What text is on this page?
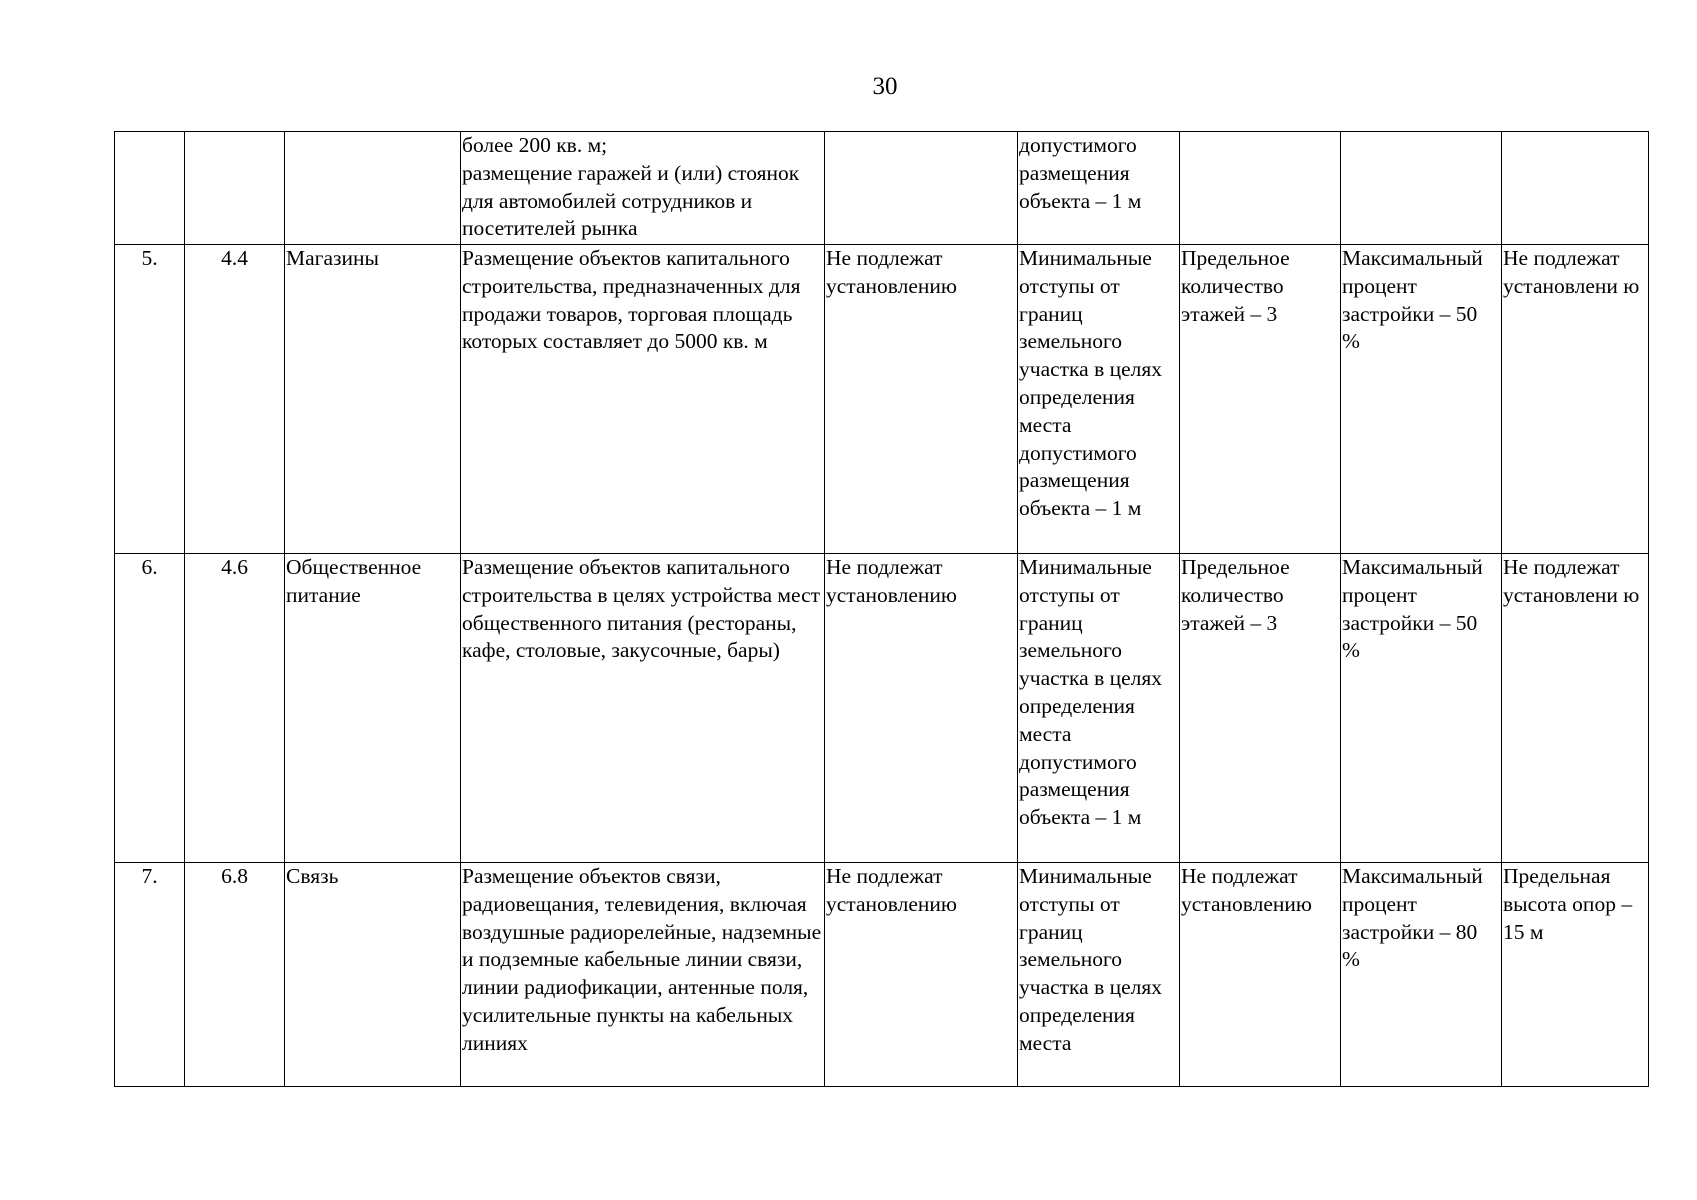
30
			более 200 кв. м;
размещение гаражей и (или) стоянок для автомобилей сотрудников и посетителей рынка		допустимого размещения объекта – 1 м			
5.	4.4	Магазины	Размещение объектов капитального строительства, предназначенных для продажи товаров, торговая площадь которых составляет до 5000 кв. м	Не подлежат установлению	Минимальные отступы от границ земельного участка в целях определения места допустимого размещения объекта – 1 м	Предельное количество этажей – 3	Максимальный процент застройки – 50 %	Не подлежат установлени ю
6.	4.6	Общественное питание	Размещение объектов капитального строительства в целях устройства мест общественного питания (рестораны, кафе, столовые, закусочные, бары)	Не подлежат установлению	Минимальные отступы от границ земельного участка в целях определения места допустимого размещения объекта – 1 м	Предельное количество этажей – 3	Максимальный процент застройки – 50 %	Не подлежат установлени ю
7.	6.8	Связь	Размещение объектов связи, радиовещания, телевидения, включая воздушные радиорелейные, надземные и подземные кабельные линии связи, линии радиофикации, антенные поля, усилительные пункты на кабельных линиях	Не подлежат установлению	Минимальные отступы от границ земельного участка в целях определения места	Не подлежат установлению	Максимальный процент застройки – 80 %	Предельная высота опор – 15 м
